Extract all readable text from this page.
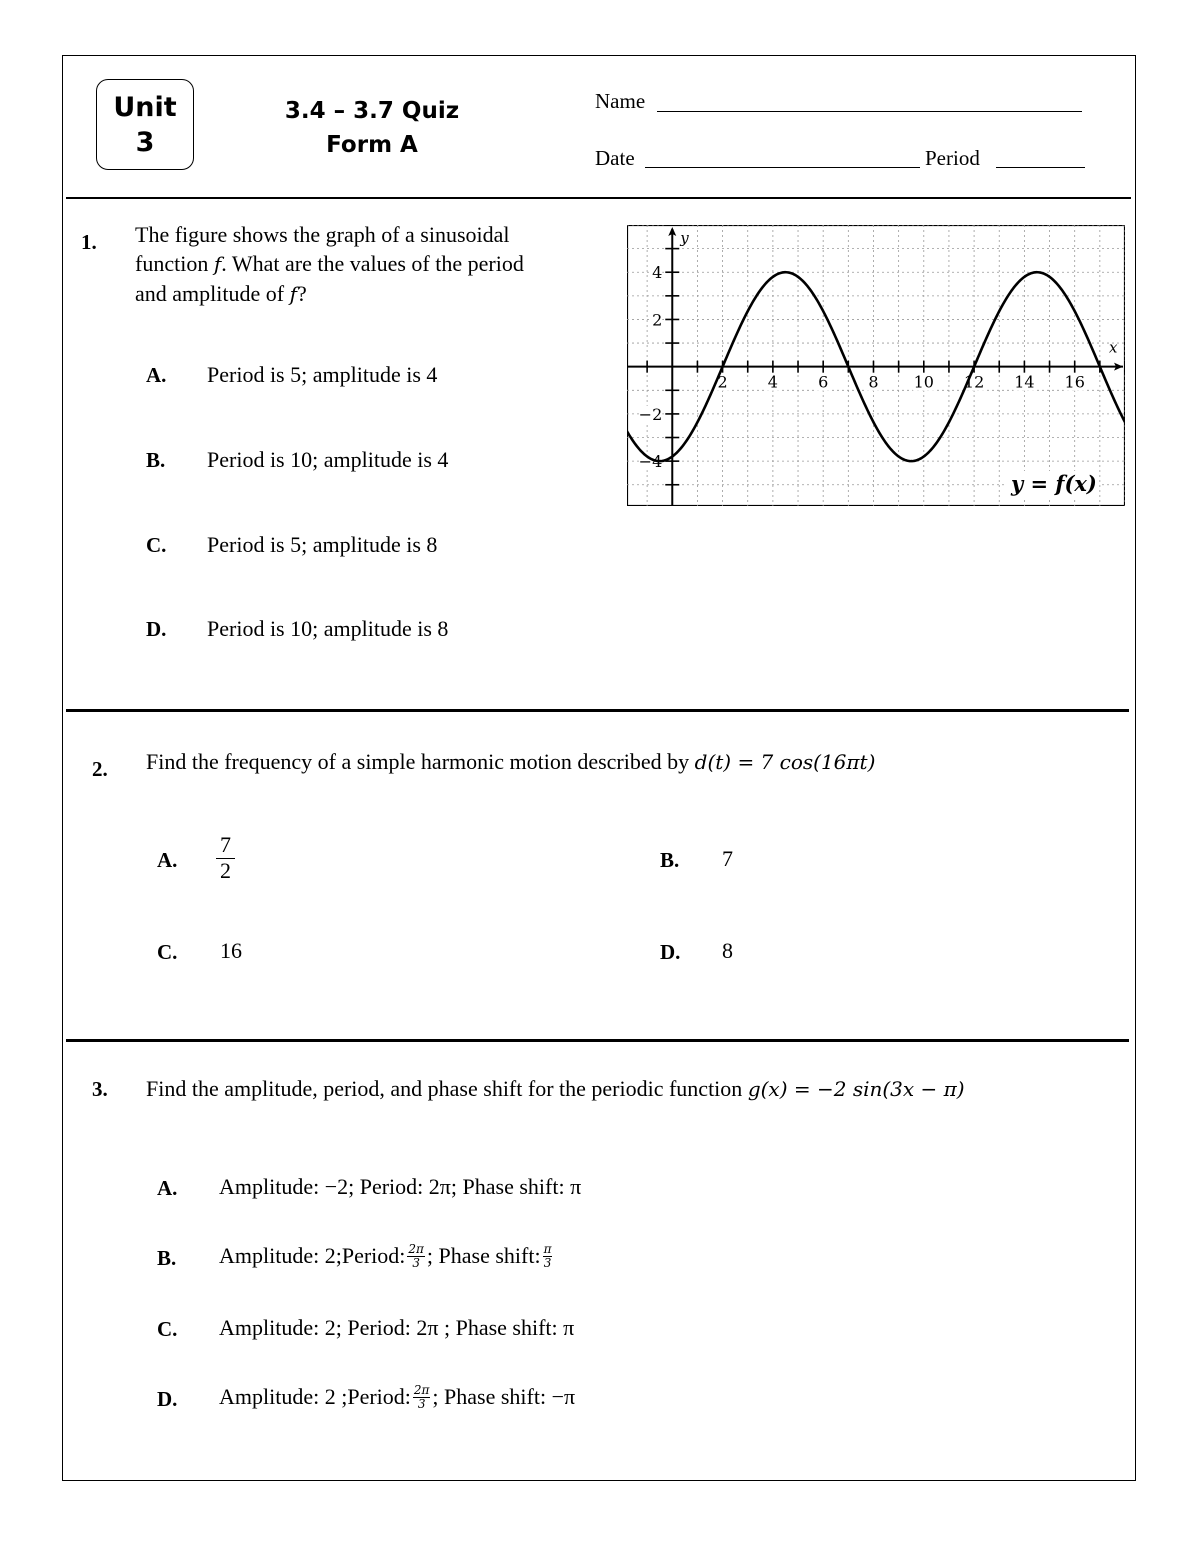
Unit
3
3.4 – 3.7 Quiz
Form A
Name
Date	Period
1. The figure shows the graph of a sinusoidal
function f. What are the values of the period
and amplitude of f?
A. Period is 5; amplitude is 4
B. Period is 10; amplitude is 4
C. Period is 5; amplitude is 8
D. Period is 10; amplitude is 8
2	4	6	8 10 12 14 16
4
2
−2
−4
y
x
y = f(x)
2. Find the frequency of a simple harmonic motion described by d(t) = 7 cos(16πt)
A. $\frac{7}{2}$	B. 7
C. 16	D. 8
3. Find the amplitude, period, and phase shift for the periodic function g(x) = −2 sin(3x − π)
A. Amplitude: −2; Period: 2π; Phase shift: π
B. Amplitude: 2; Period: $\frac{2\pi}{3}$ ; Phase shift: $\frac{\pi}{3}$
C. Amplitude: 2; Period: 2π ; Phase shift: π
D. Amplitude: 2 ; Period: $\frac{2\pi}{3}$ ; Phase shift: −π
